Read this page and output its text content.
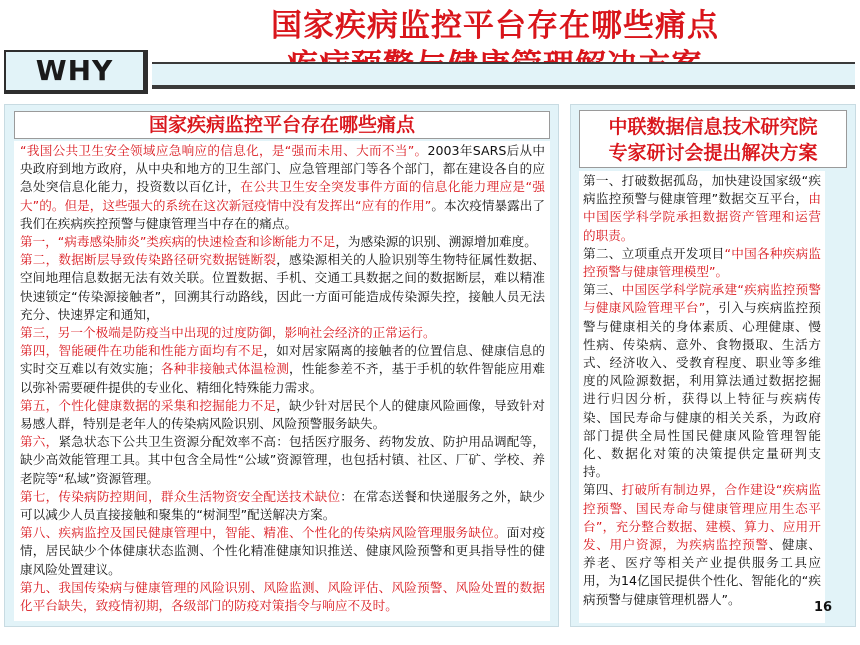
国家疾病监控平台存在哪些痛点
WHY
国家疾病监控平台存在哪些痛点

“我国公共卫生安全领域应急响应的信息化，是“强而未用、大而不当”。2003年SARS后从中央政府到地方政府，从中央和地方的卫生部门、应急管理部门等各个部门，都在建设各自的应急处突信息化能力，投资数以百亿计，在公共卫生安全突发事件方面的信息化能力理应是“强大”的。但是，这些强大的系统在这次新冠疫情中没有发挥出“应有的作用”。本次疫情暴露出了我们在疾病疾控预警与健康管理当中存在的痛点。

第一，“病毒感染肺炎”类疾病的快速检查和诊断能力不足，为感染源的识别、溯源增加难度。

第二，数据断层导致传染路径研究数据链断裂，感染源相关的人脸识别等生物特征属性数据、空间地理信息数据无法有效关联。位置数据、手机、交通工具数据之间的数据断层，难以精准快速锁定“传染源接触者”，回溯其行动路线，因此一方面可能造成传染源失控，接触人员无法充分、快速界定和通知，

第三，另一个极端是防疫当中出现的过度防御，影响社会经济的正常运行。

第四，智能硬件在功能和性能方面均有不足，如对居家隔离的接触者的位置信息、健康信息的实时交互难以有效实施；各种非接触式体温检测，性能参差不齐，基于手机的软件智能应用难以弥补需要硬件提供的专业化、精细化特殊能力需求。

第五，个性化健康数据的采集和挖掘能力不足，缺少针对居民个人的健康风险画像，导致针对易感人群，特别是老年人的传染病风险识别、风险预警服务缺失。

第六，紧急状态下公共卫生资源分配效率不高：包括医疗服务、药物发放、防护用品调配等，缺少高效能管理工具。其中包含全局性“公域”资源管理，也包括村镇、社区、厂矿、学校、养老院等“私域”资源管理。

第七，传染病防控期间，群众生活物资安全配送技术缺位：在常态送餐和快递服务之外，缺少可以减少人员直接接触和聚集的“树洞型”配送解决方案。

第八、疾病监控及国民健康管理中，智能、精准、个性化的传染病风险管理服务缺位。面对疫情，居民缺少个体健康状态监测、个性化精准健康知识推送、健康风险预警和更具指导性的健康风险处置建议。

第九、我国传染病与健康管理的风险识别、风险监测、风险评估、风险预警、风险处置的数据化平台缺失，致疫情初期，各级部门的防疫对策指令与响应不及时。

中联数据信息技术研究院
专家研讨会提出解决方案

第一、打破数据孤岛，加快建设国家级“疾病监控预警与健康管理”数据交互平台，由中国医学科学院承担数据资产管理和运营的职责。

第二、立项重点开发项目“中国各种疾病监控预警与健康管理模型”。

第三、中国医学科学院承建“疾病监控预警与健康风险管理平台”，引入与疾病监控预警与健康相关的身体素质、心理健康、慢性病、传染病、意外、食物摄取、生活方式、经济收入、受教育程度、职业等多维度的风险源数据，利用算法通过数据挖掘进行归因分析，获得以上特征与疾病传染、国民寿命与健康的相关关系，为政府部门提供全局性国民健康风险管理智能化、数据化对策的决策提供定量研判支持。

第四、打破所有制边界，合作建设“疾病监控预警、国民寿命与健康管理应用生态平台”，充分整合数据、建模、算力、应用开发、用户资源，为疾病监控预警、健康、养老、医疗等相关产业提供服务工具应用，为14亿国民提供个性化、智能化的“疾病预警与健康管理机器人”。

16
